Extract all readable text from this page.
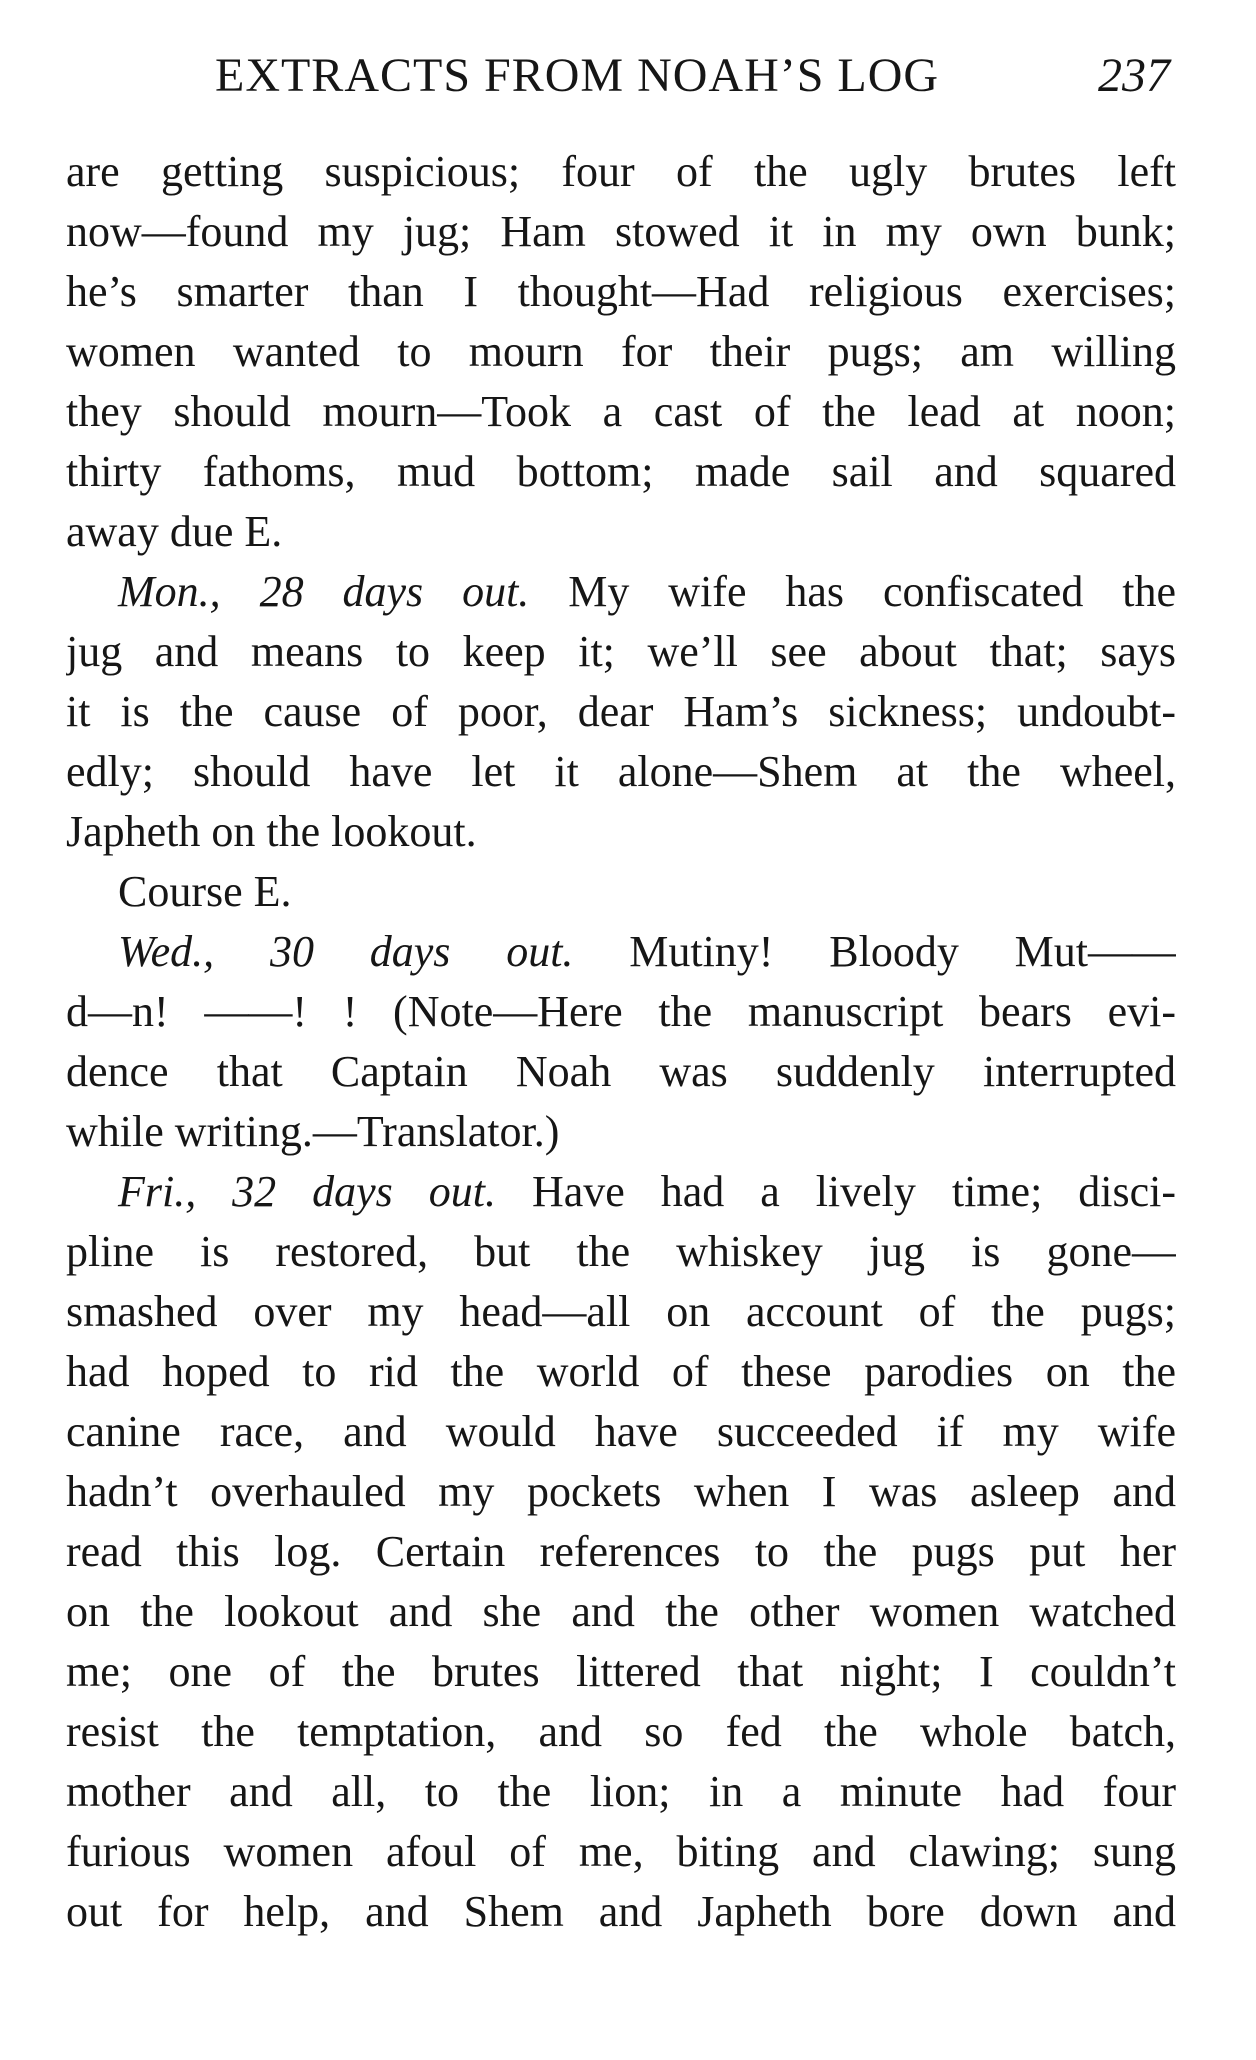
EXTRACTS FROM NOAH’S LOG	237
are getting suspicious; four of the ugly brutes left
now—found my jug; Ham stowed it in my own bunk;
he’s smarter than I thought—Had religious exercises;
women wanted to mourn for their pugs; am willing
they should mourn—Took a cast of the lead at noon;
thirty fathoms, mud bottom; made sail and squared
away due E.
Mon., 28 days out. My wife has confiscated the
jug and means to keep it; we’ll see about that; says
it is the cause of poor, dear Ham’s sickness; undoubt-
edly; should have let it alone—Shem at the wheel,
Japheth on the lookout.
Course E.
Wed., 30 days out. Mutiny! Bloody Mut——
d—n! ——! ! (Note—Here the manuscript bears evi-
dence that Captain Noah was suddenly interrupted
while writing.—Translator.)
Fri., 32 days out. Have had a lively time; disci-
pline is restored, but the whiskey jug is gone—
smashed over my head—all on account of the pugs;
had hoped to rid the world of these parodies on the
canine race, and would have succeeded if my wife
hadn’t overhauled my pockets when I was asleep and
read this log. Certain references to the pugs put her
on the lookout and she and the other women watched
me; one of the brutes littered that night; I couldn’t
resist the temptation, and so fed the whole batch,
mother and all, to the lion; in a minute had four
furious women afoul of me, biting and clawing; sung
out for help, and Shem and Japheth bore down and
